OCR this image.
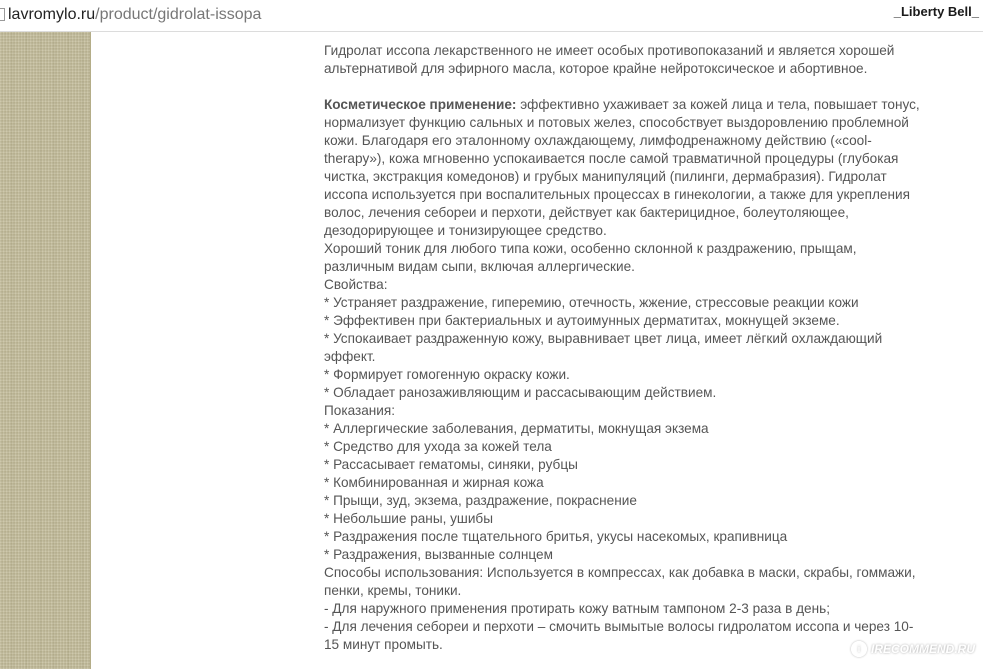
lavromylo.ru/product/gidrolat-issopa	_Liberty Bell_

Гидролат иссопа лекарственного не имеет особых противопоказаний и является хорошей

альтернативой для эфирного масла, которое крайне нейротоксическое и абортивное.

Косметическое применение: эффективно ухаживает за кожей лица и тела, повышает тонус,

нормализует функцию сальных и потовых желез, способствует выздоровлению проблемной

кожи. Благодаря его эталонному охлаждающему, лимфодренажному действию («cool-

therapy»), кожа мгновенно успокаивается после самой травматичной процедуры (глубокая

чистка, экстракция комедонов) и грубых манипуляций (пилинги, дермабразия). Гидролат

иссопа используется при воспалительных процессах в гинекологии, а также для укрепления

волос, лечения себореи и перхоти, действует как бактерицидное, болеутоляющее,

дезодорирующее и тонизирующее средство.

Хороший тоник для любого типа кожи, особенно склонной к раздражению, прыщам,

различным видам сыпи, включая аллергические.

Свойства:

* Устраняет раздражение, гиперемию, отечность, жжение, стрессовые реакции кожи

* Эффективен при бактериальных и аутоимунных дерматитах, мокнущей экземе.

* Успокаивает раздраженную кожу, выравнивает цвет лица, имеет лёгкий охлаждающий

эффект.

* Формирует гомогенную окраску кожи.

* Обладает ранозаживляющим и рассасывающим действием.

Показания:

* Аллергические заболевания, дерматиты, мокнущая экзема

* Средство для ухода за кожей тела

* Рассасывает гематомы, синяки, рубцы

* Комбинированная и жирная кожа

* Прыщи, зуд, экзема, раздражение, покраснение

* Небольшие раны, ушибы

* Раздражения после тщательного бритья, укусы насекомых, крапивница

* Раздражения, вызванные солнцем

Способы использования: Используется в компрессах, как добавка в маски, скрабы, гоммажи,

пенки, кремы, тоники.

- Для наружного применения протирать кожу ватным тампоном 2-3 раза в день;

- Для лечения себореи и перхоти – смочить вымытые волосы гидролатом иссопа и через 10-

15 минут промыть.	i IRECOMMEND.RU
